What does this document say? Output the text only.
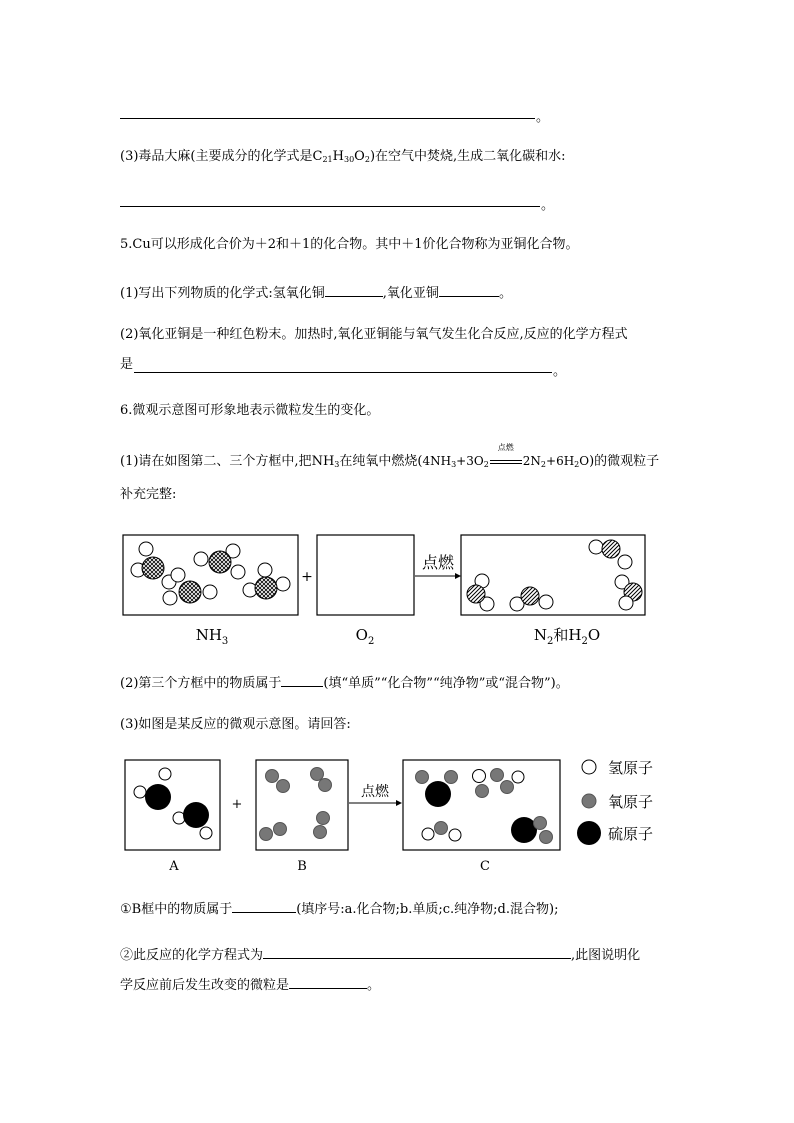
。
(3)毒品大麻(主要成分的化学式是$C_{21}H_{30}O_2$)在空气中焚烧,生成二氧化碳和水:
。
5.Cu可以形成化合价为＋2和＋1的化合物。其中＋1价化合物称为亚铜化合物。
(1)写出下列物质的化学式:氢氧化铜	,氧化亚铜	。
(2)氧化亚铜是一种红色粉末。加热时,氧化亚铜能与氧气发生化合反应,反应的化学方程式
是	。
6.微观示意图可形象地表示微粒发生的变化。
(1)请在如图第二、三个方框中,把$NH_3$在纯氧中燃烧($4NH_3+3O_2$
点燃
$2N_2+6H_2O$)的微观粒子
补充完整:
+
点燃
$NH_3$	$O_2$	$N_2$和$H_2O$
(2)第三个方框中的物质属于	(填“单质”“化合物”“纯净物”或“混合物”)。
(3)如图是某反应的微观示意图。请回答:
+
点燃
A	B	C
氢原子
氧原子
硫原子
①B框中的物质属于	(填序号:a.化合物;b.单质;c.纯净物;d.混合物);
②此反应的化学方程式为	,此图说明化
学反应前后发生改变的微粒是	。
